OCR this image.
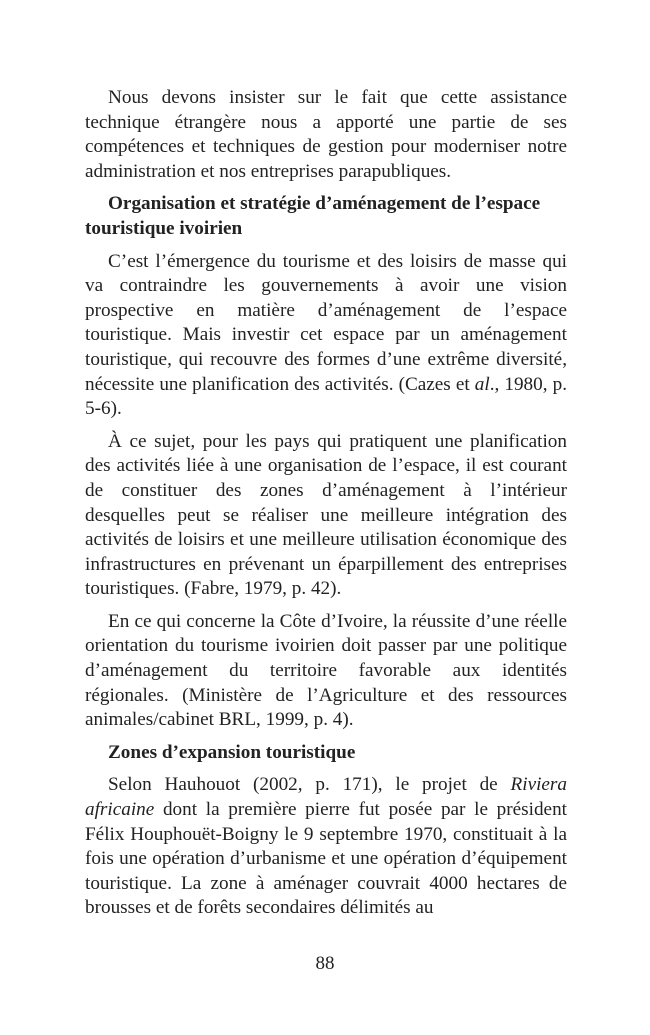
Nous devons insister sur le fait que cette assistance technique étrangère nous a apporté une partie de ses compétences et techniques de gestion pour moderniser notre administration et nos entreprises parapubliques.

Organisation et stratégie d’aménagement de l’espace touristique ivoirien

C’est l’émergence du tourisme et des loisirs de masse qui va contraindre les gouvernements à avoir une vision prospective en matière d’aménagement de l’espace touristique. Mais investir cet espace par un aménagement touristique, qui recouvre des formes d’une extrême diversité, nécessite une planification des activités. (Cazes et al., 1980, p. 5-6).

À ce sujet, pour les pays qui pratiquent une planification des activités liée à une organisation de l’espace, il est courant de constituer des zones d’aménagement à l’intérieur desquelles peut se réaliser une meilleure intégration des activités de loisirs et une meilleure utilisation économique des infrastructures en prévenant un éparpillement des entreprises touristiques. (Fabre, 1979, p. 42).

En ce qui concerne la Côte d’Ivoire, la réussite d’une réelle orientation du tourisme ivoirien doit passer par une politique d’aménagement du territoire favorable aux identités régionales. (Ministère de l’Agriculture et des ressources animales/cabinet BRL, 1999, p. 4).

Zones d’expansion touristique

Selon Hauhouot (2002, p. 171), le projet de Riviera africaine dont la première pierre fut posée par le président Félix Houphouët-Boigny le 9 septembre 1970, constituait à la fois une opération d’urbanisme et une opération d’équipement touristique. La zone à aménager couvrait 4000 hectares de brousses et de forêts secondaires délimités au

88
